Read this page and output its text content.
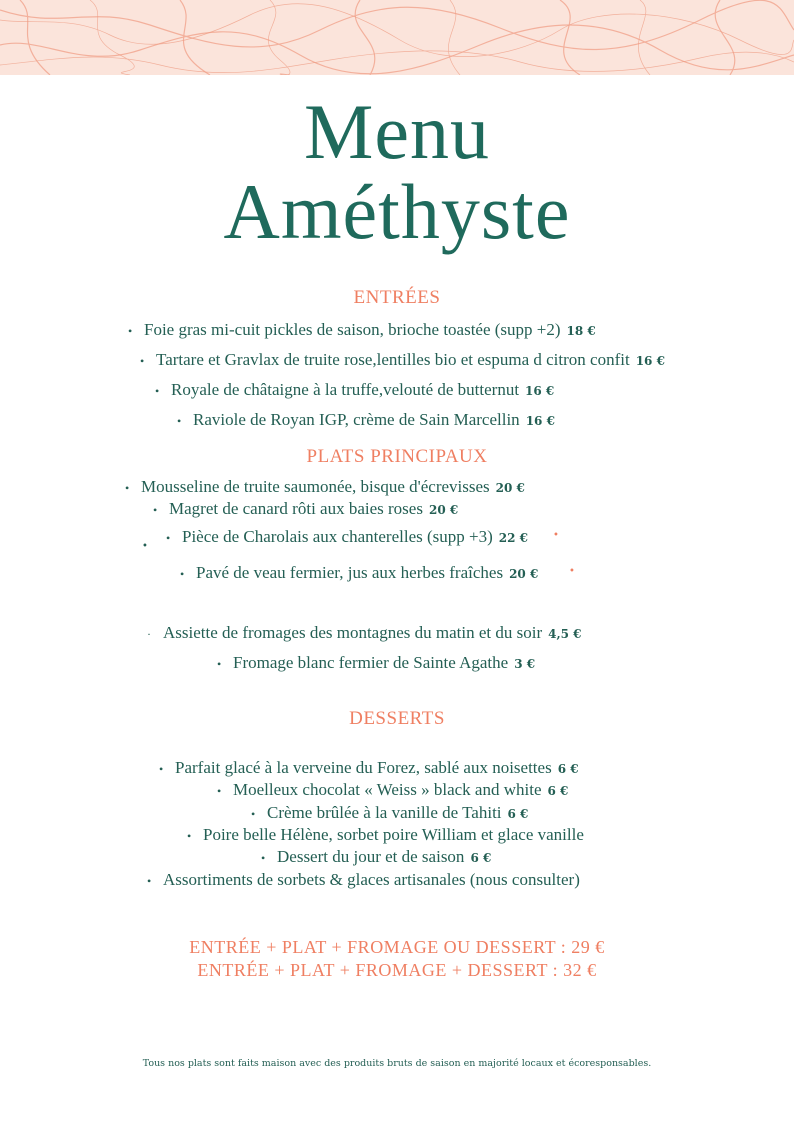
Menu
Améthyste
ENTRÉES
• Foie gras mi-cuit pickles de saison, brioche toastée (supp +2) 18 €
• Tartare et Gravlax de truite rose,lentilles bio et espuma d citron confit 16 €
• Royale de châtaigne à la truffe,velouté de butternut 16 €
• Raviole de Royan IGP, crème de Sain Marcellin 16 €
PLATS PRINCIPAUX
• Mousseline de truite saumonée, bisque d'écrevisses 20 €
• Magret de canard rôti aux baies roses 20 €
• Pièce de Charolais aux chanterelles (supp +3) 22 €	•
•
• Pavé de veau fermier, jus aux herbes fraîches 20 €	•
· Assiette de fromages des montagnes du matin et du soir 4,5 €
• Fromage blanc fermier de Sainte Agathe 3 €
DESSERTS
• Parfait glacé à la verveine du Forez, sablé aux noisettes 6 €
• Moelleux chocolat « Weiss » black and white 6 €
• Crème brûlée à la vanille de Tahiti 6 €
• Poire belle Hélène, sorbet poire William et glace vanille
• Dessert du jour et de saison 6 €
• Assortiments de sorbets & glaces artisanales (nous consulter)
ENTRÉE + PLAT + FROMAGE OU DESSERT : 29 €
ENTRÉE + PLAT + FROMAGE + DESSERT : 32 €
Tous nos plats sont faits maison avec des produits bruts de saison en majorité locaux et écoresponsables.
